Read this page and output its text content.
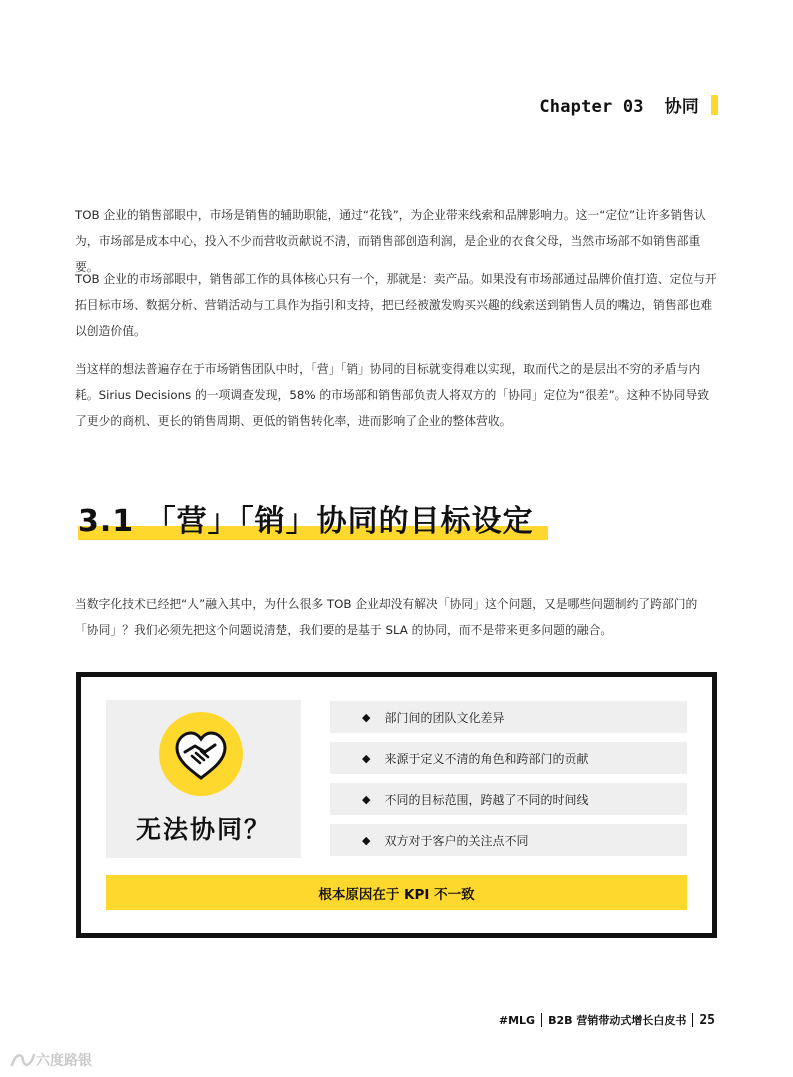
Chapter 03 协同

TOB 企业的销售部眼中，市场是销售的辅助职能，通过“花钱”，为企业带来线索和品牌影响力。这一“定位”让许多销售认为，市场部是成本中心，投入不少而营收贡献说不清，而销售部创造利润，是企业的衣食父母，当然市场部不如销售部重要。

TOB 企业的市场部眼中，销售部工作的具体核心只有一个，那就是：卖产品。如果没有市场部通过品牌价值打造、定位与开拓目标市场、数据分析、营销活动与工具作为指引和支持，把已经被激发购买兴趣的线索送到销售人员的嘴边，销售部也难以创造价值。

当这样的想法普遍存在于市场销售团队中时，「营」「销」协同的目标就变得难以实现，取而代之的是层出不穷的矛盾与内耗。Sirius Decisions 的一项调查发现，58% 的市场部和销售部负责人将双方的「协同」定位为“很差”。这种不协同导致了更少的商机、更长的销售周期、更低的销售转化率，进而影响了企业的整体营收。

3.1 「营」「销」协同的目标设定

当数字化技术已经把“人”融入其中，为什么很多 TOB 企业却没有解决「协同」这个问题，又是哪些问题制约了跨部门的「协同」？我们必须先把这个问题说清楚，我们要的是基于 SLA 的协同，而不是带来更多问题的融合。

无法协同？
◆ 部门间的团队文化差异
◆ 来源于定义不清的角色和跨部门的贡献
◆ 不同的目标范围，跨越了不同的时间线
◆ 双方对于客户的关注点不同
根本原因在于 KPI 不一致
#MLG B2B 营销带动式增长白皮书 25
六度路银
